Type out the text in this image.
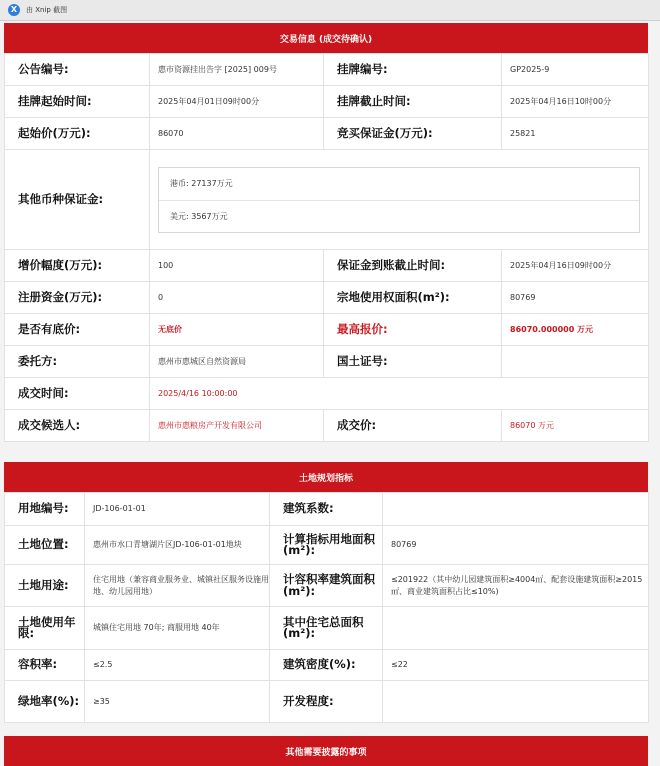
X	由 Xnip 截图
交易信息 (成交待确认)
公告编号:	惠市资源挂出告字 [2025] 009号	挂牌编号:	GP2025-9
挂牌起始时间:	2025年04月01日09时00分	挂牌截止时间:	2025年04月16日10时00分
起始价(万元):	86070	竞买保证金(万元):	25821
其他币种保证金:	港币: 27137万元
美元: 3567万元		

增价幅度(万元):	100	保证金到账截止时间:	2025年04月16日09时00分
注册资金(万元):	0	宗地使用权面积(m²):	80769
是否有底价:	无底价	最高报价:	86070.000000 万元
委托方:	惠州市惠城区自然资源局	国土证号:	
成交时间:	2025/4/16 10:00:00		
成交候选人:	惠州市惠粮房产开发有限公司	成交价:	86070 万元
土地规划指标
用地编号:	JD-106-01-01	建筑系数:	
土地位置:	惠州市水口青塘湖片区JD-106-01-01地块	计算指标用地面积(m²):	80769
土地用途:	住宅用地（兼容商业服务业、城镇社区服务设施用地、幼儿园用地）	计容积率建筑面积(m²):	≤201922（其中幼儿园建筑面积≥4004㎡、配套设施建筑面积≥2015㎡、商业建筑面积占比≤10%)
土地使用年限:	城镇住宅用地 70年; 商服用地 40年	其中住宅总面积(m²):	
容积率:	≤2.5	建筑密度(%):	≤22
绿地率(%):	≥35	开发程度:	
其他需要披露的事项
